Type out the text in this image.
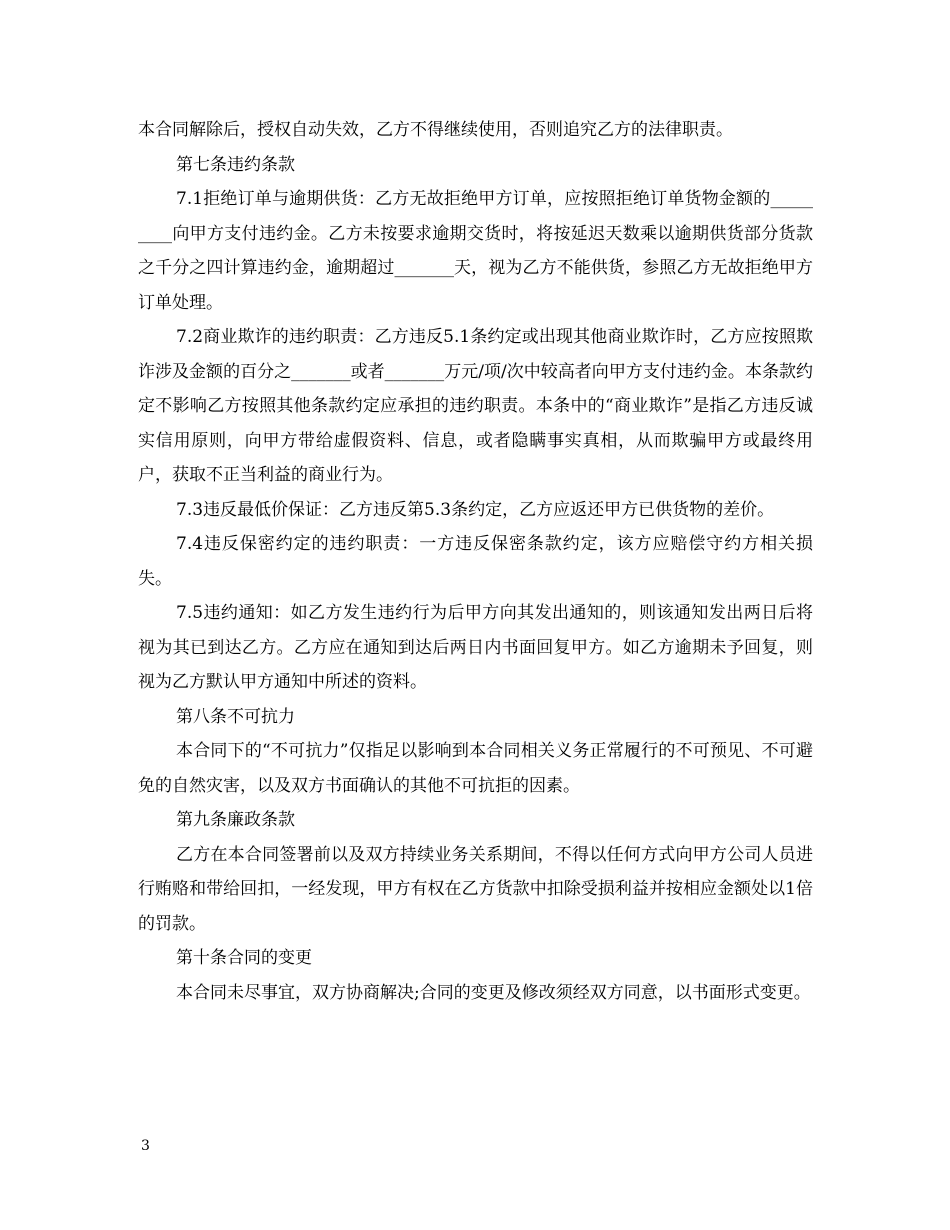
本合同解除后，授权自动失效，乙方不得继续使用，否则追究乙方的法律职责。

第七条违约条款

7.1拒绝订单与逾期供货：乙方无故拒绝甲方订单，应按照拒绝订单货物金额的_________向甲方支付违约金。乙方未按要求逾期交货时，将按延迟天数乘以逾期供货部分货款之千分之四计算违约金，逾期超过_______天，视为乙方不能供货，参照乙方无故拒绝甲方订单处理。

7.2商业欺诈的违约职责：乙方违反5.1条约定或出现其他商业欺诈时，乙方应按照欺诈涉及金额的百分之_______或者_______万元/项/次中较高者向甲方支付违约金。本条款约定不影响乙方按照其他条款约定应承担的违约职责。本条中的“商业欺诈”是指乙方违反诚实信用原则，向甲方带给虚假资料、信息，或者隐瞒事实真相，从而欺骗甲方或最终用户，获取不正当利益的商业行为。

7.3违反最低价保证：乙方违反第5.3条约定，乙方应返还甲方已供货物的差价。

7.4违反保密约定的违约职责：一方违反保密条款约定，该方应赔偿守约方相关损失。

7.5违约通知：如乙方发生违约行为后甲方向其发出通知的，则该通知发出两日后将视为其已到达乙方。乙方应在通知到达后两日内书面回复甲方。如乙方逾期未予回复，则视为乙方默认甲方通知中所述的资料。

第八条不可抗力

本合同下的“不可抗力”仅指足以影响到本合同相关义务正常履行的不可预见、不可避免的自然灾害，以及双方书面确认的其他不可抗拒的因素。

第九条廉政条款

乙方在本合同签署前以及双方持续业务关系期间，不得以任何方式向甲方公司人员进行贿赂和带给回扣，一经发现，甲方有权在乙方货款中扣除受损利益并按相应金额处以1倍的罚款。

第十条合同的变更

本合同未尽事宜，双方协商解决;合同的变更及修改须经双方同意，以书面形式变更。

3
